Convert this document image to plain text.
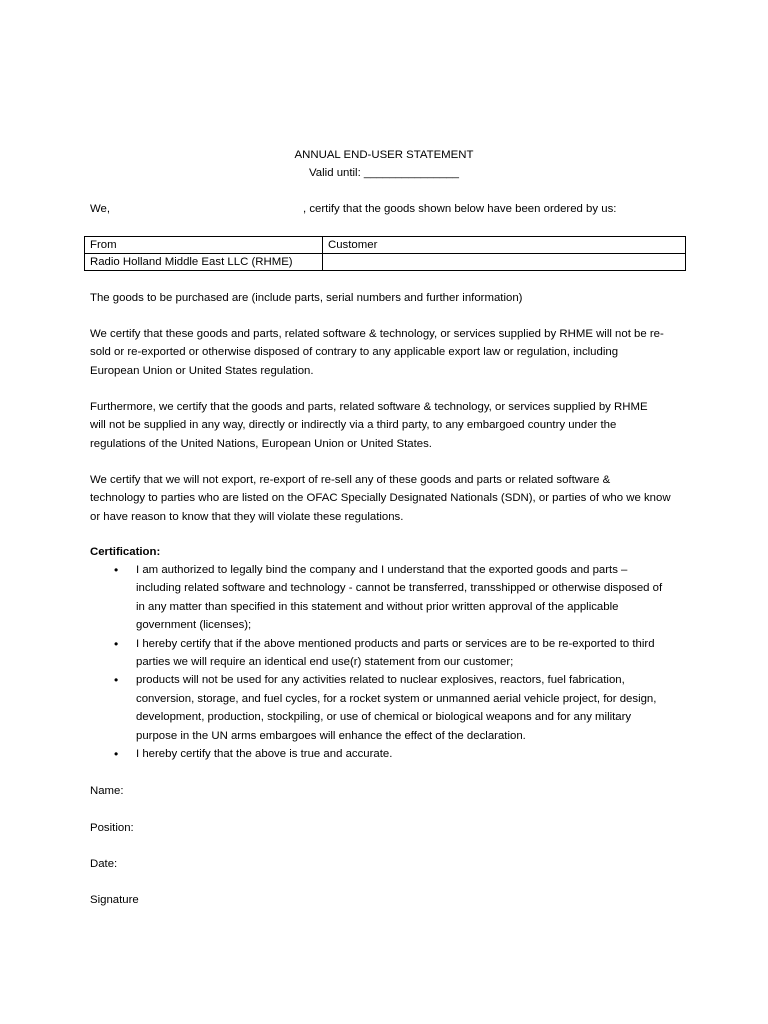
ANNUAL END-USER STATEMENT
Valid until: _______________
We,	, certify that the goods shown below have been ordered by us:
From	Customer
Radio Holland Middle East LLC (RHME)	
The goods to be purchased are (include parts, serial numbers and further information)
We certify that these goods and parts, related software & technology, or services supplied by RHME will not be re-
sold or re-exported or otherwise disposed of contrary to any applicable export law or regulation, including
European Union or United States regulation.
Furthermore, we certify that the goods and parts, related software & technology, or services supplied by RHME
will not be supplied in any way, directly or indirectly via a third party, to any embargoed country under the
regulations of the United Nations, European Union or United States.
We certify that we will not export, re-export of re-sell any of these goods and parts or related software &
technology to parties who are listed on the OFAC Specially Designated Nationals (SDN), or parties of who we know
or have reason to know that they will violate these regulations.
Certification:
• I am authorized to legally bind the company and I understand that the exported goods and parts –
including related software and technology - cannot be transferred, transshipped or otherwise disposed of
in any matter than specified in this statement and without prior written approval of the applicable
government (licenses);
• I hereby certify that if the above mentioned products and parts or services are to be re-exported to third
parties we will require an identical end use(r) statement from our customer;
• products will not be used for any activities related to nuclear explosives, reactors, fuel fabrication,
conversion, storage, and fuel cycles, for a rocket system or unmanned aerial vehicle project, for design,
development, production, stockpiling, or use of chemical or biological weapons and for any military
purpose in the UN arms embargoes will enhance the effect of the declaration.
• I hereby certify that the above is true and accurate.
Name:
Position:
Date:
Signature
